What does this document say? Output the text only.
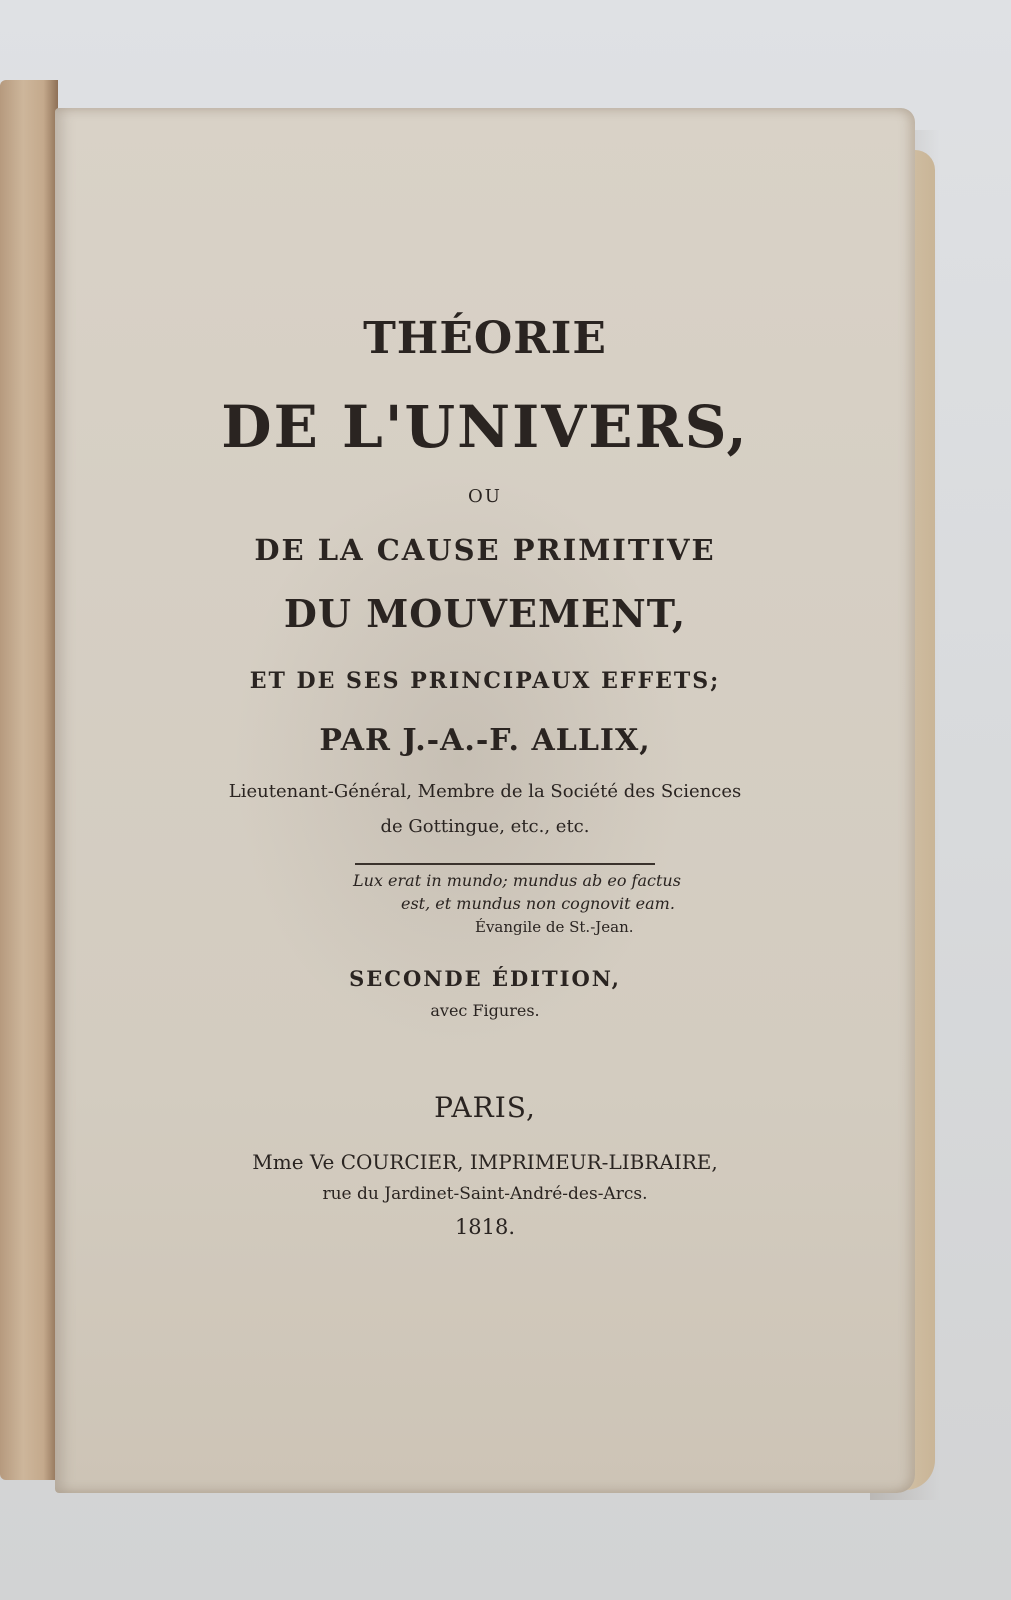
THÉORIE
DE L'UNIVERS,
OU
DE LA CAUSE PRIMITIVE
DU MOUVEMENT,
ET DE SES PRINCIPAUX EFFETS;
PAR J.-A.-F. ALLIX,
Lieutenant-Général, Membre de la Société des Sciences
de Gottingue, etc., etc.
Lux erat in mundo; mundus ab eo factus
est, et mundus non cognovit eam.
Évangile de St.-Jean.
SECONDE ÉDITION,
avec Figures.
PARIS,
Mme Ve COURCIER, IMPRIMEUR-LIBRAIRE,
rue du Jardinet-Saint-André-des-Arcs.
1818.
